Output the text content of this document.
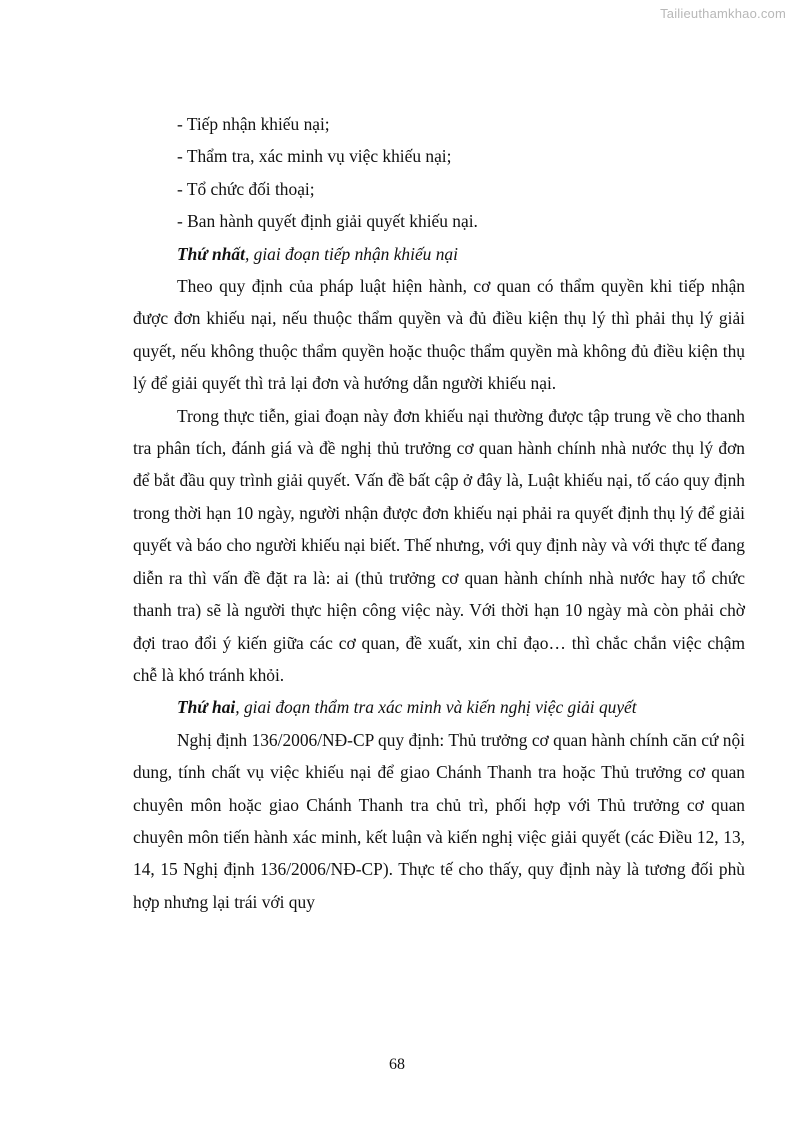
Tailieuthamkhao.com

- Tiếp nhận khiếu nại;

- Thẩm tra, xác minh vụ việc khiếu nại;

- Tổ chức đối thoại;

- Ban hành quyết định giải quyết khiếu nại.

Thứ nhất, giai đoạn tiếp nhận khiếu nại

Theo quy định của pháp luật hiện hành, cơ quan có thẩm quyền khi tiếp nhận được đơn khiếu nại, nếu thuộc thẩm quyền và đủ điều kiện thụ lý thì phải thụ lý giải quyết, nếu không thuộc thẩm quyền hoặc thuộc thẩm quyền mà không đủ điều kiện thụ lý để giải quyết thì trả lại đơn và hướng dẫn người khiếu nại.

Trong thực tiễn, giai đoạn này đơn khiếu nại thường được tập trung về cho thanh tra phân tích, đánh giá và đề nghị thủ trưởng cơ quan hành chính nhà nước thụ lý đơn để bắt đầu quy trình giải quyết. Vấn đề bất cập ở đây là, Luật khiếu nại, tố cáo quy định trong thời hạn 10 ngày, người nhận được đơn khiếu nại phải ra quyết định thụ lý để giải quyết và báo cho người khiếu nại biết. Thế nhưng, với quy định này và với thực tế đang diễn ra thì vấn đề đặt ra là: ai (thủ trưởng cơ quan hành chính nhà nước hay tổ chức thanh tra) sẽ là người thực hiện công việc này. Với thời hạn 10 ngày mà còn phải chờ đợi trao đổi ý kiến giữa các cơ quan, đề xuất, xin chỉ đạo… thì chắc chắn việc chậm chễ là khó tránh khỏi.

Thứ hai, giai đoạn thẩm tra xác minh và kiến nghị việc giải quyết

Nghị định 136/2006/NĐ-CP quy định: Thủ trưởng cơ quan hành chính căn cứ nội dung, tính chất vụ việc khiếu nại để giao Chánh Thanh tra hoặc Thủ trưởng cơ quan chuyên môn hoặc giao Chánh Thanh tra chủ trì, phối hợp với Thủ trưởng cơ quan chuyên môn tiến hành xác minh, kết luận và kiến nghị việc giải quyết (các Điều 12, 13, 14, 15 Nghị định 136/2006/NĐ-CP). Thực tế cho thấy, quy định này là tương đối phù hợp nhưng lại trái với quy

68
